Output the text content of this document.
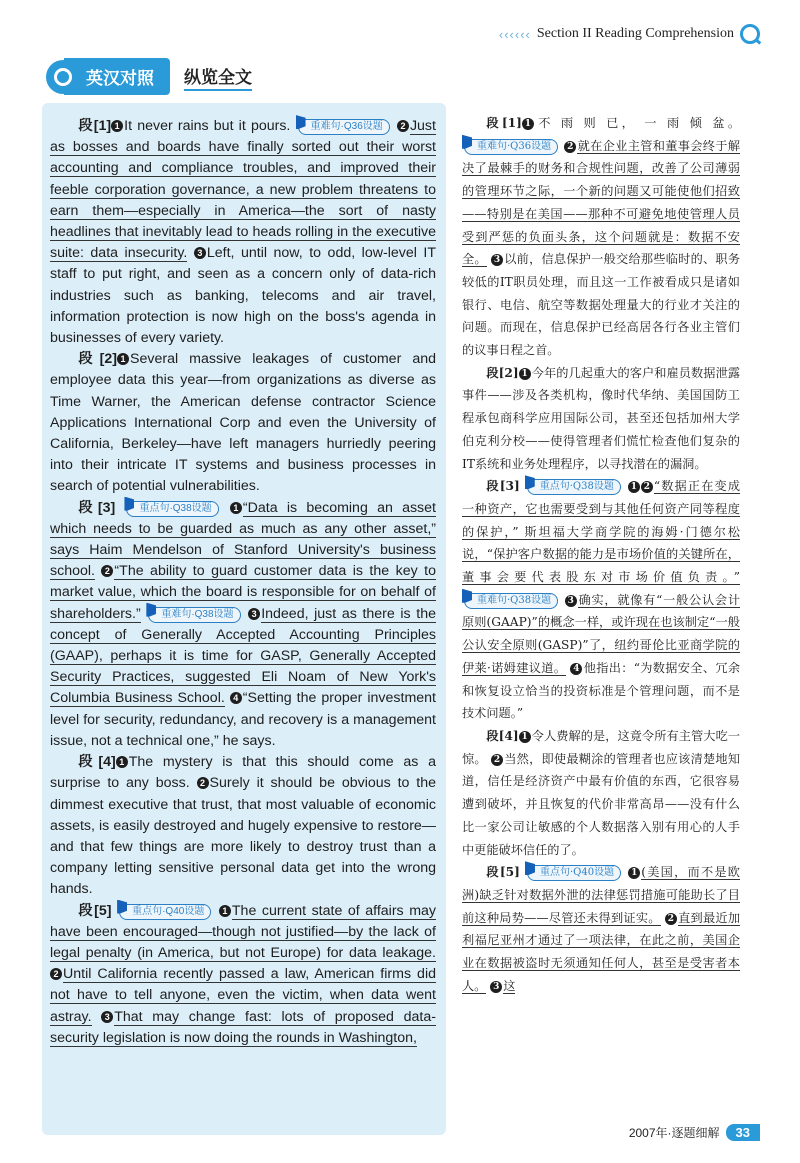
‹‹‹‹‹‹ Section II Reading Comprehension
英汉对照	纵览全文

段[1] 1 It never rains but it pours. 重难句·Q36设题 2 Just as bosses and boards have finally sorted out their worst accounting and compliance troubles, and improved their feeble corporation governance, a new problem threatens to earn them—especially in America—the sort of nasty headlines that inevitably lead to heads rolling in the executive suite: data insecurity. 3 Left, until now, to odd, low-level IT staff to put right, and seen as a concern only of data-rich industries such as banking, telecoms and air travel, information protection is now high on the boss's agenda in businesses of every variety.

段[2] 1 Several massive leakages of customer and employee data this year—from organizations as diverse as Time Warner, the American defense contractor Science Applications International Corp and even the University of California, Berkeley—have left managers hurriedly peering into their intricate IT systems and business processes in search of potential vulnerabilities.

段[3] 重点句·Q38设题 1 “Data is becoming an asset which needs to be guarded as much as any other asset,” says Haim Mendelson of Stanford University's business school. 2 “The ability to guard customer data is the key to market value, which the board is responsible for on behalf of shareholders.” 重难句·Q38设题 3 Indeed, just as there is the concept of Generally Accepted Accounting Principles (GAAP), perhaps it is time for GASP, Generally Accepted Security Practices, suggested Eli Noam of New York's Columbia Business School. 4 “Setting the proper investment level for security, redundancy, and recovery is a management issue, not a technical one,” he says.

段[4] 1 The mystery is that this should come as a surprise to any boss. 2 Surely it should be obvious to the dimmest executive that trust, that most valuable of economic assets, is easily destroyed and hugely expensive to restore—and that few things are more likely to destroy trust than a company letting sensitive personal data get into the wrong hands.

段[5] 重点句·Q40设题 1 The current state of affairs may have been encouraged—though not justified—by the lack of legal penalty (in America, but not Europe) for data leakage. 2 Until California recently passed a law, American firms did not have to tell anyone, even the victim, when data went astray. 3 That may change fast: lots of proposed data-security legislation is now doing the rounds in Washington,

段[1] 1 不 雨 则 已， 一 雨 倾 盆。 重难句·Q36设题 2 就在企业主管和董事会终于解决了最棘手的财务和合规性问题，改善了公司薄弱的管理环节之际，一个新的问题又可能使他们招致——特别是在美国——那种不可避免地使管理人员受到严惩的负面头条，这个问题就是：数据不安全。 3 以前，信息保护一般交给那些临时的、职务较低的IT职员处理，而且这一工作被看成只是诸如银行、电信、航空等数据处理量大的行业才关注的问题。而现在，信息保护已经高居各行各业主管们的议事日程之首。

段[2] 1 今年的几起重大的客户和雇员数据泄露事件——涉及各类机构，像时代华纳、美国国防工程承包商科学应用国际公司，甚至还包括加州大学伯克利分校——使得管理者们慌忙检查他们复杂的IT系统和业务处理程序，以寻找潜在的漏洞。

段[3] 重点句·Q38设题 1 2 “数据正在变成一种资产，它也需要受到与其他任何资产同等程度的保护，” 斯坦福大学商学院的海姆·门德尔松说，“保护客户数据的能力是市场价值的关键所在，董事会要代表股东对市场价值负责。” 重难句·Q38设题 3 确实，就像有“一般公认会计原则(GAAP)”的概念一样，或许现在也该制定“一般公认安全原则(GASP)”了，纽约哥伦比亚商学院的伊莱·诺姆建议道。 4 他指出：“为数据安全、冗余和恢复设立恰当的投资标准是个管理问题，而不是技术问题。”

段[4] 1 令人费解的是，这竟令所有主管大吃一惊。 2 当然，即使最糊涂的管理者也应该清楚地知道，信任是经济资产中最有价值的东西，它很容易遭到破坏，并且恢复的代价非常高昂——没有什么比一家公司让敏感的个人数据落入别有用心的人手中更能破坏信任的了。

段[5] 重点句·Q40设题 1 (美国，而不是欧洲)缺乏针对数据外泄的法律惩罚措施可能助长了目前这种局势——尽管还未得到证实。 2 直到最近加利福尼亚州才通过了一项法律，在此之前，美国企业在数据被盗时无须通知任何人，甚至是受害者本人。 3 这

2007年·逐题细解	33
